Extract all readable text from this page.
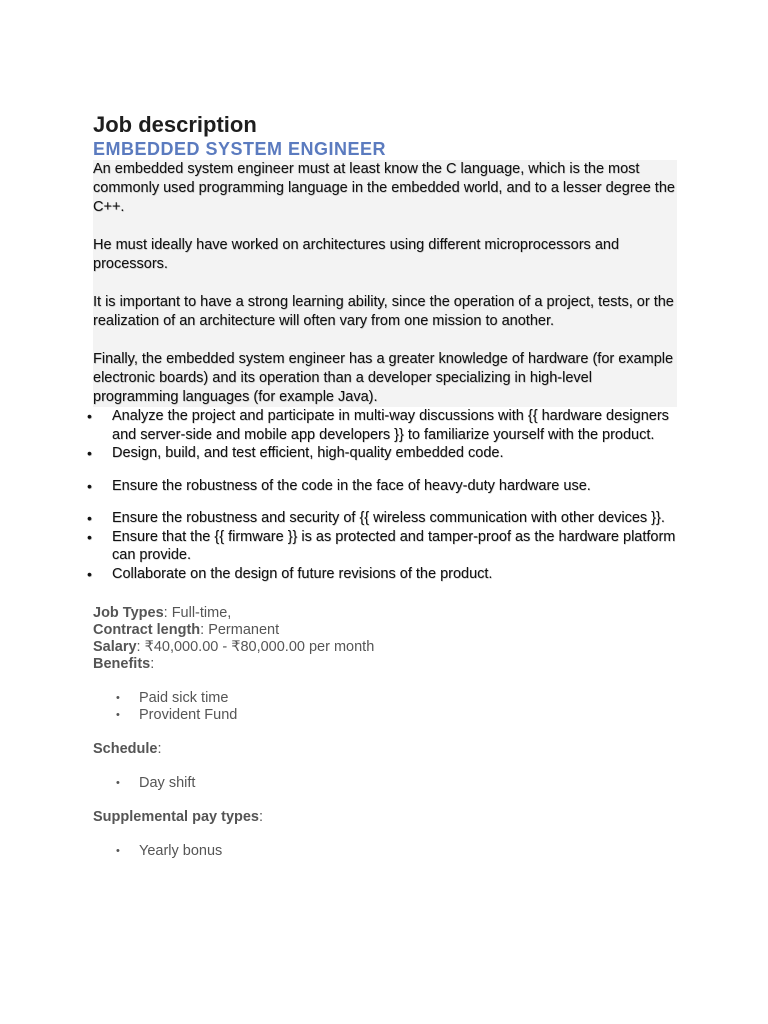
Job description
EMBEDDED SYSTEM ENGINEER

An embedded system engineer must at least know the C language, which is the most commonly used programming language in the embedded world, and to a lesser degree the C++.

He must ideally have worked on architectures using different microprocessors and processors.

It is important to have a strong learning ability, since the operation of a project, tests, or the realization of an architecture will often vary from one mission to another.

Finally, the embedded system engineer has a greater knowledge of hardware (for example electronic boards) and its operation than a developer specializing in high-level programming languages (for example Java).

• Analyze the project and participate in multi-way discussions with {{ hardware designers and server-side and mobile app developers }} to familiarize yourself with the product.
• Design, build, and test efficient, high-quality embedded code.
• Ensure the robustness of the code in the face of heavy-duty hardware use.
• Ensure the robustness and security of {{ wireless communication with other devices }}.
• Ensure that the {{ firmware }} is as protected and tamper-proof as the hardware platform can provide.
• Collaborate on the design of future revisions of the product.

Job Types: Full-time,

Contract length: Permanent

Salary: ₹40,000.00 - ₹80,000.00 per month

Benefits:

• Paid sick time
• Provident Fund

Schedule:

• Day shift

Supplemental pay types:

• Yearly bonus
